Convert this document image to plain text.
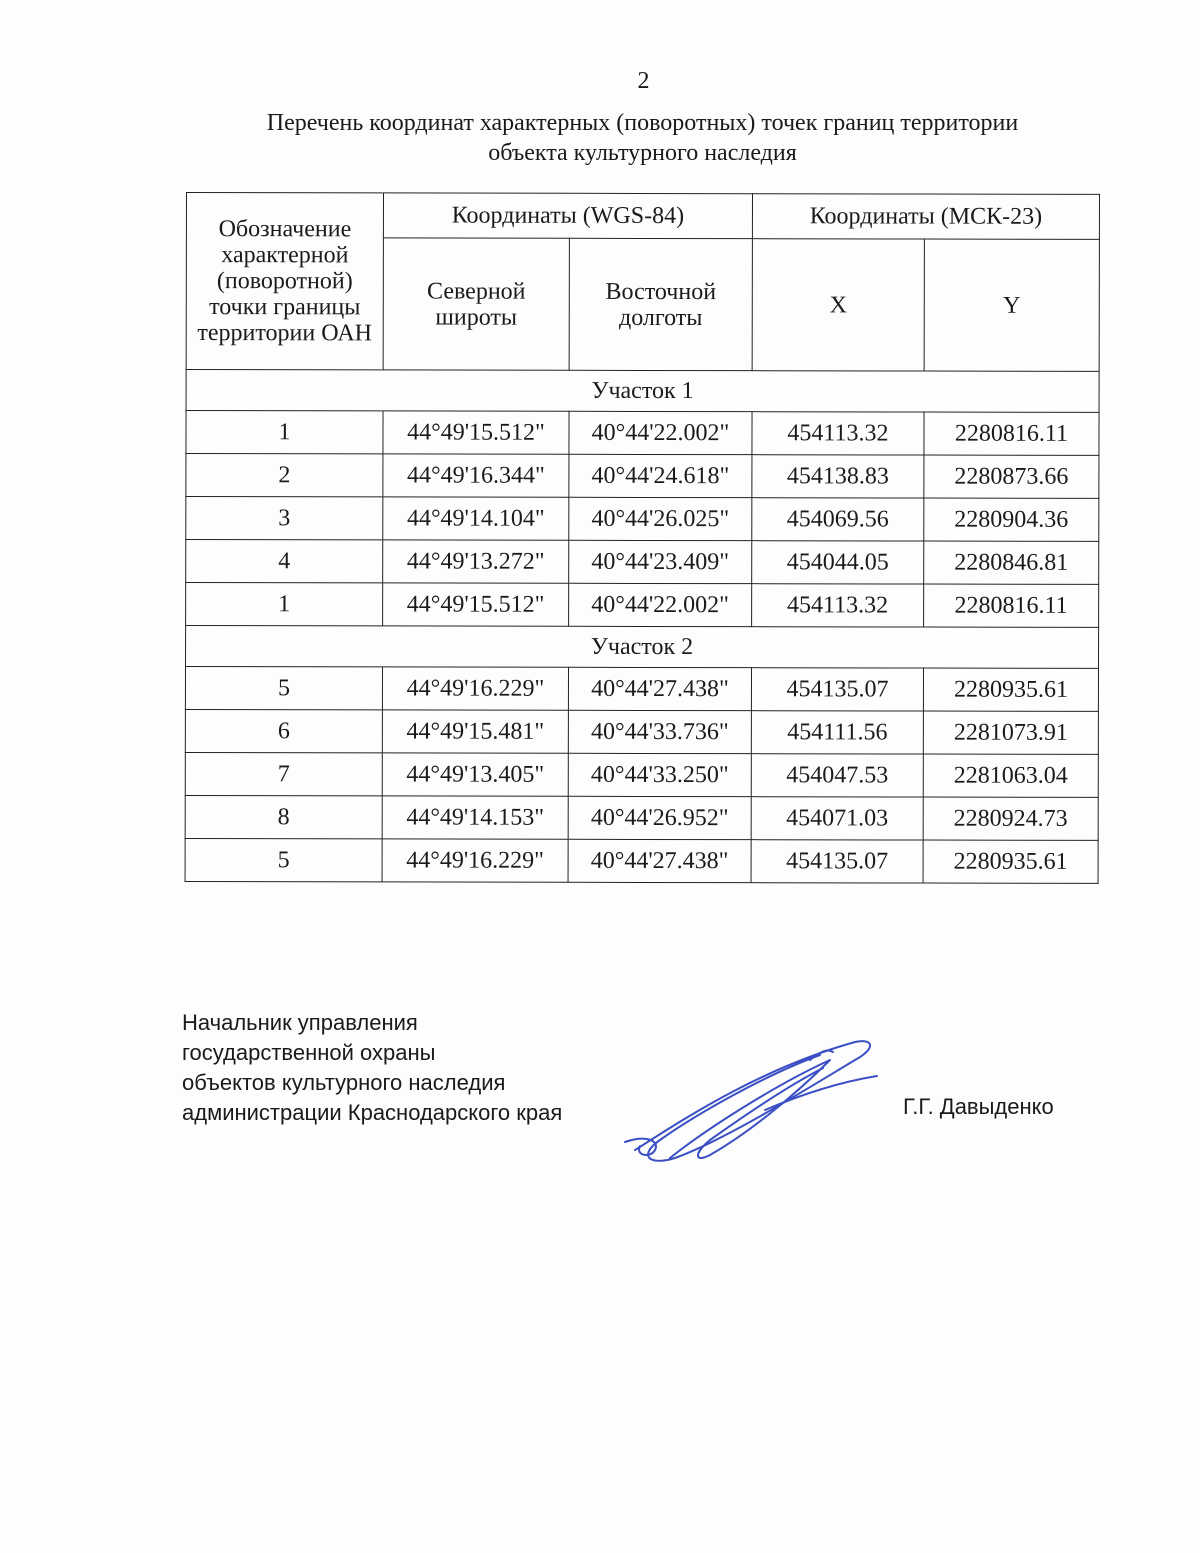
2
Перечень координат характерных (поворотных) точек границ территории
объекта культурного наследия
Обозначение характерной (поворотной) точки границы территории ОАН	Координаты (WGS-84)		Координаты (МСК-23)	
	Северной широты	Восточной долготы	X	Y
Участок 1				
1	44°49'15.512"	40°44'22.002"	454113.32	2280816.11
2	44°49'16.344"	40°44'24.618"	454138.83	2280873.66
3	44°49'14.104"	40°44'26.025"	454069.56	2280904.36
4	44°49'13.272"	40°44'23.409"	454044.05	2280846.81
1	44°49'15.512"	40°44'22.002"	454113.32	2280816.11
Участок 2				
5	44°49'16.229"	40°44'27.438"	454135.07	2280935.61
6	44°49'15.481"	40°44'33.736"	454111.56	2281073.91
7	44°49'13.405"	40°44'33.250"	454047.53	2281063.04
8	44°49'14.153"	40°44'26.952"	454071.03	2280924.73
5	44°49'16.229"	40°44'27.438"	454135.07	2280935.61
Начальник управления
государственной охраны
объектов культурного наследия
администрации Краснодарского края	Г.Г. Давыденко
